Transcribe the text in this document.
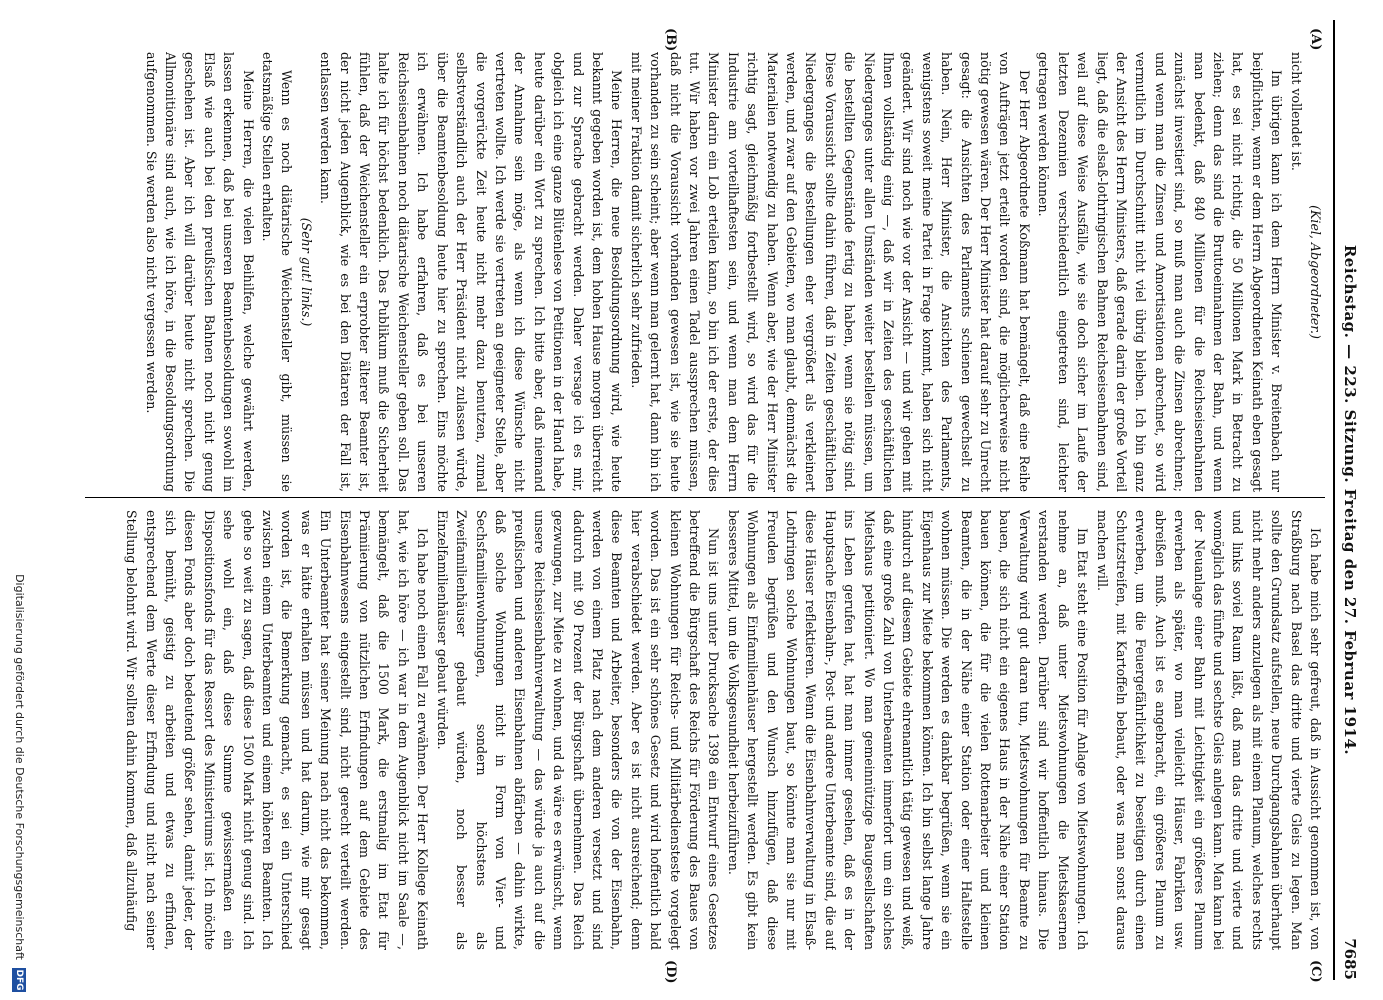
Reichstag. — 223. Sitzung. Freitag den 27. Februar 1914.
7685
(A)
(B)
(C)
(D)

(Kiel, Abgeordneter.)

nicht vollendet ist.

Im übrigen kann ich dem Herrn Minister v. Breitenbach nur beipflichten, wenn er dem Herrn Abgeordneten Keinath eben gesagt hat, es sei nicht richtig, die 50 Millionen Mark in Betracht zu ziehen; denn das sind die Bruttoeinnahmen der Bahn, und wenn man bedenkt, daß 840 Millionen für die Reichseisenbahnen zunächst investiert sind, so muß man auch die Zinsen abrechnen; und wenn man die Zinsen und Amortisationen abrechnet, so wird vermutlich im Durchschnitt nicht viel übrig bleiben. Ich bin ganz der Ansicht des Herrn Ministers, daß gerade darin der große Vorteil liegt, daß die elsaß-lothringischen Bahnen Reichseisenbahnen sind, weil auf diese Weise Ausfälle, wie sie doch sicher im Laufe der letzten Dezennien verschiedentlich eingetreten sind, leichter getragen werden können.

Der Herr Abgeordnete Koßmann hat bemängelt, daß eine Reihe von Aufträgen jetzt erteilt worden sind, die möglicherweise nicht nötig gewesen wären. Der Herr Minister hat darauf sehr zu Unrecht gesagt: die Ansichten des Parlaments schienen gewechselt zu haben. Nein, Herr Minister, die Ansichten des Parlaments, wenigstens soweit meine Partei in Frage kommt, haben sich nicht geändert. Wir sind noch wie vor der Ansicht — und wir gehen mit Ihnen vollständig einig —, daß wir in Zeiten des geschäftlichen Niederganges unter allen Umständen weiter bestellen müssen, um die bestellten Gegenstände fertig zu haben, wenn sie nötig sind. Diese Voraussicht sollte dahin führen, daß in Zeiten geschäftlichen Niederganges die Bestellungen eher vergrößert als verkleinert werden, und zwar auf den Gebieten, wo man glaubt, demnächst die Materialien notwendig zu haben. Wenn aber, wie der Herr Minister richtig sagt, gleichmäßig fortbestellt wird, so wird das für die Industrie am vorteilhaftesten sein, und wenn man dem Herrn Minister darin ein Lob erteilen kann, so bin ich der erste, der dies tut. Wir haben vor zwei Jahren einen Tadel aussprechen müssen, daß nicht die Voraussicht vorhanden gewesen ist, wie sie heute vorhanden zu sein scheint; aber wenn man gelernt hat, dann bin ich mit meiner Fraktion damit sicherlich sehr zufrieden.

Meine Herren, die neue Besoldungsordnung wird, wie heute bekannt gegeben worden ist, dem hohen Hause morgen überreicht und zur Sprache gebracht werden. Daher versage ich es mir, obgleich ich eine ganze Blütenlese von Petitionen in der Hand habe, heute darüber ein Wort zu sprechen. Ich bitte aber, daß niemand der Annahme sein möge, als wenn ich diese Wünsche nicht vertreten wollte. Ich werde sie vertreten an geeigneter Stelle, aber die vorgerückte Zeit heute nicht mehr dazu benutzen, zumal selbstverständlich auch der Herr Präsident nicht zulassen würde, über die Beamtenbesoldung heute hier zu sprechen. Eins möchte ich erwähnen. Ich habe erfahren, daß es bei unseren Reichseisenbahnen noch diätarische Weichensteller geben soll. Das halte ich für höchst bedenklich. Das Publikum muß die Sicherheit fühlen, daß der Weichensteller ein erprobter älterer Beamter ist, der nicht jeden Augenblick, wie es bei den Diätaren der Fall ist, entlassen werden kann.

(Sehr gut! links.)

Wenn es noch diätarische Weichensteller gibt, müssen sie etatsmäßige Stellen erhalten.

Meine Herren, die vielen Beihilfen, welche gewährt werden, lassen erkennen, daß bei unseren Beamtenbesoldungen sowohl im Elsaß wie auch bei den preußischen Bahnen noch nicht genug geschehen ist. Aber ich will darüber heute nicht sprechen. Die Allmonitionäre sind auch, wie ich höre, in die Besoldungsordnung aufgenommen. Sie werden also nicht vergessen werden.

Ich habe mich sehr gefreut, daß in Aussicht genommen ist, von Straßburg nach Basel das dritte und vierte Gleis zu legen. Man sollte den Grundsatz aufstellen, neue Durchgangsbahnen überhaupt nicht mehr anders anzulegen als mit einem Planum, welches rechts und links soviel Raum läßt, daß man das dritte und vierte und womöglich das fünfte und sechste Gleis anlegen kann. Man kann bei der Neuanlage einer Bahn mit Leichtigkeit ein größeres Planum erwerben als später, wo man vielleicht Häuser, Fabriken usw. abreißen muß. Auch ist es angebracht, ein größeres Planum zu erwerben, um die Feuergefährlichkeit zu beseitigen durch einen Schutzstreifen, mit Kartoffeln bebaut, oder was man sonst daraus machen will.

Im Etat steht eine Position für Anlage von Mietswohnungen. Ich nehme an, daß unter Mietswohnungen die Mietskasernen verstanden werden. Darüber sind wir hoffentlich hinaus. Die Verwaltung wird gut daran tun, Mietswohnungen für Beamte zu bauen, die sich nicht ein eigenes Haus in der Nähe einer Station bauen können, die für die vielen Rottenarbeiter und kleinen Beamten, die in der Nähe einer Station oder einer Haltestelle wohnen müssen. Die werden es dankbar begrüßen, wenn sie ein Eigenhaus zur Miete bekommen können. Ich bin selbst lange Jahre hindurch auf diesem Gebiete ehrenamtlich tätig gewesen und weiß, daß eine große Zahl von Unterbeamten immerfort um ein solches Mietshaus petitioniert. Wo man gemeinnützige Baugesellschaften ins Leben gerufen hat, hat man immer gesehen, daß es in der Hauptsache Eisenbahn-, Post- und andere Unterbeamte sind, die auf diese Häuser reflektieren. Wenn die Eisenbahnverwaltung in Elsaß-Lothringen solche Wohnungen baut, so könnte man sie nur mit Freuden begrüßen und den Wunsch hinzufügen, daß diese Wohnungen als Einfamilienhäuser hergestellt werden. Es gibt kein besseres Mittel, um die Volksgesundheit herbeizuführen.

Nun ist uns unter Drucksache 1398 ein Entwurf eines Gesetzes betreffend die Bürgschaft des Reichs für Förderung des Baues von kleinen Wohnungen für Reichs- und Militärbediensteste vorgelegt worden. Das ist ein sehr schönes Gesetz und wird hoffentlich bald hier verabschiedet werden. Aber es ist nicht ausreichend; denn diese Beamten und Arbeiter, besonders die von der Eisenbahn, werden von einem Platz nach dem anderen versetzt und sind dadurch mit 90 Prozent der Bürgschaft übernehmen. Das Reich gezwungen, zur Miete zu wohnen, und da wäre es erwünscht, wenn unsere Reichseisenbahnverwaltung — das würde ja auch auf die preußischen und anderen Eisenbahnen abfärben — dahin wirkte, daß solche Wohnungen nicht in Form von Vier- und Sechsfamilienwohnungen, sondern höchstens als Zweifamilienhäuser gebaut würden, noch besser als Einzelfamilienhäuser gebaut würden.

Ich habe noch einen Fall zu erwähnen. Der Herr Kollege Keinath hat, wie ich höre — ich war in dem Augenblick nicht im Saale —, bemängelt, daß die 1500 Mark, die erstmalig im Etat für Prämiierung von nützlichen Erfindungen auf dem Gebiete des Eisenbahnwesens eingestellt sind, nicht gerecht verteilt werden. Ein Unterbeamter hat seiner Meinung nach nicht das bekommen, was er hätte erhalten müssen und hat darum, wie mir gesagt worden ist, die Bemerkung gemacht, es sei ein Unterschied zwischen einem Unterbeamten und einem höheren Beamten. Ich gehe so weit zu sagen, daß diese 1500 Mark nicht genug sind. Ich sehe wohl ein, daß diese Summe gewissermaßen ein Dispositionsfonds für das Ressort des Ministeriums ist. Ich möchte diesen Fonds aber doch bedeutend größer sehen, damit jeder, der sich bemüht, geistig zu arbeiten und etwas zu erfinden, entsprechend dem Werte dieser Erfindung und nicht nach seiner Stellung belohnt wird. Wir sollten dahin kommen, daß allzuhäufig

Digitalisierung gefördert durch die Deutsche Forschungsgemeinschaft
DFG
